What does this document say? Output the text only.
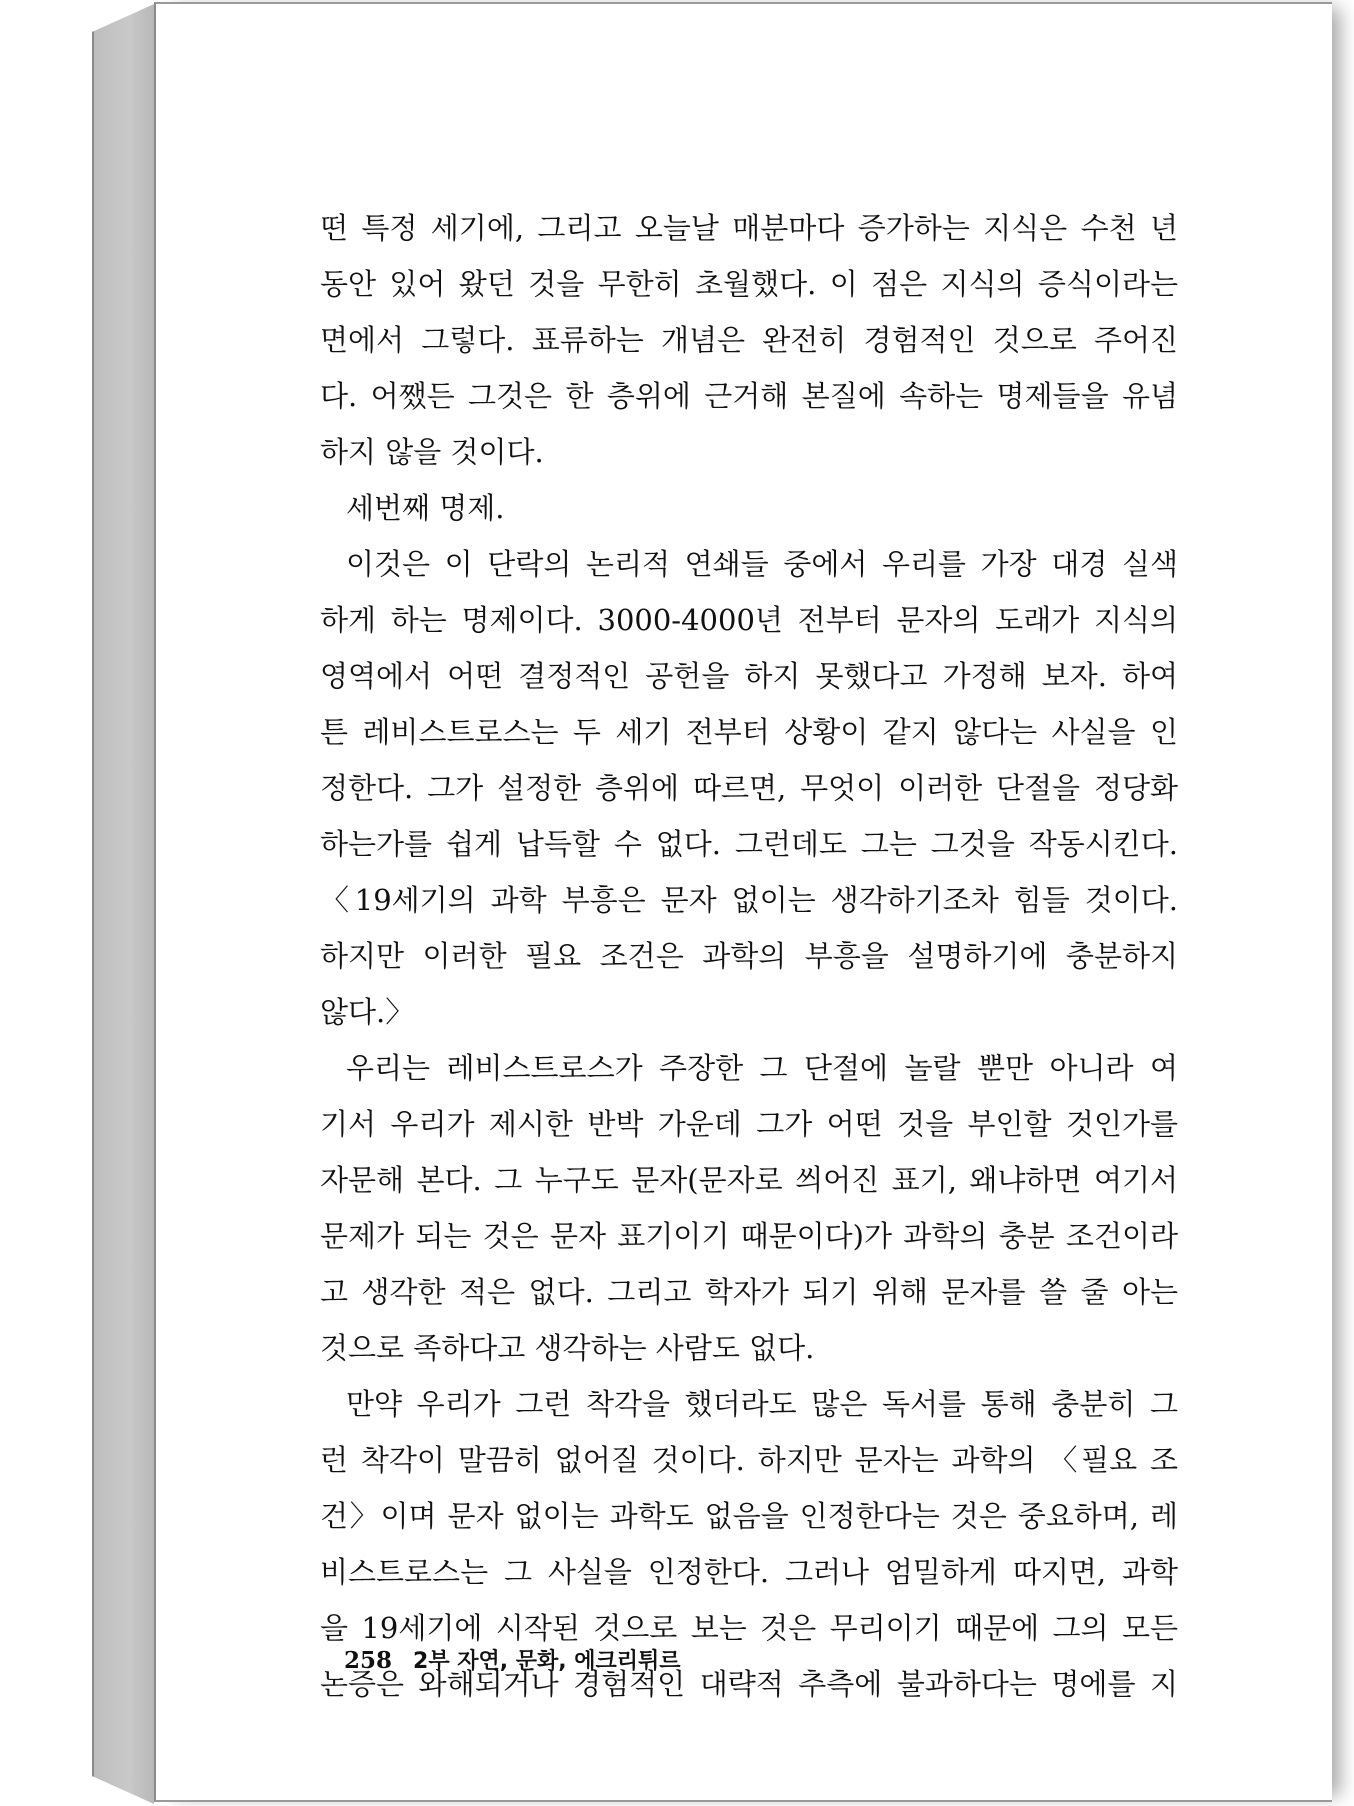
떤 특정 세기에, 그리고 오늘날 매분마다 증가하는 지식은 수천 년
동안 있어 왔던 것을 무한히 초월했다. 이 점은 지식의 증식이라는
면에서 그렇다. 표류하는 개념은 완전히 경험적인 것으로 주어진
다. 어쨌든 그것은 한 층위에 근거해 본질에 속하는 명제들을 유념
하지 않을 것이다.
세번째 명제.
이것은 이 단락의 논리적 연쇄들 중에서 우리를 가장 대경 실색
하게 하는 명제이다. 3000-4000년 전부터 문자의 도래가 지식의
영역에서 어떤 결정적인 공헌을 하지 못했다고 가정해 보자. 하여
튼 레비스트로스는 두 세기 전부터 상황이 같지 않다는 사실을 인
정한다. 그가 설정한 층위에 따르면, 무엇이 이러한 단절을 정당화
하는가를 쉽게 납득할 수 없다. 그런데도 그는 그것을 작동시킨다.
〈19세기의 과학 부흥은 문자 없이는 생각하기조차 힘들 것이다.
하지만 이러한 필요 조건은 과학의 부흥을 설명하기에 충분하지
않다.〉
우리는 레비스트로스가 주장한 그 단절에 놀랄 뿐만 아니라 여
기서 우리가 제시한 반박 가운데 그가 어떤 것을 부인할 것인가를
자문해 본다. 그 누구도 문자(문자로 씌어진 표기, 왜냐하면 여기서
문제가 되는 것은 문자 표기이기 때문이다)가 과학의 충분 조건이라
고 생각한 적은 없다. 그리고 학자가 되기 위해 문자를 쓸 줄 아는
것으로 족하다고 생각하는 사람도 없다.
만약 우리가 그런 착각을 했더라도 많은 독서를 통해 충분히 그
런 착각이 말끔히 없어질 것이다. 하지만 문자는 과학의 〈필요 조
건〉이며 문자 없이는 과학도 없음을 인정한다는 것은 중요하며, 레
비스트로스는 그 사실을 인정한다. 그러나 엄밀하게 따지면, 과학
을 19세기에 시작된 것으로 보는 것은 무리이기 때문에 그의 모든
논증은 와해되거나 경험적인 대략적 추측에 불과하다는 명에를 지
258 2부 자연, 문화, 에크리튀르
